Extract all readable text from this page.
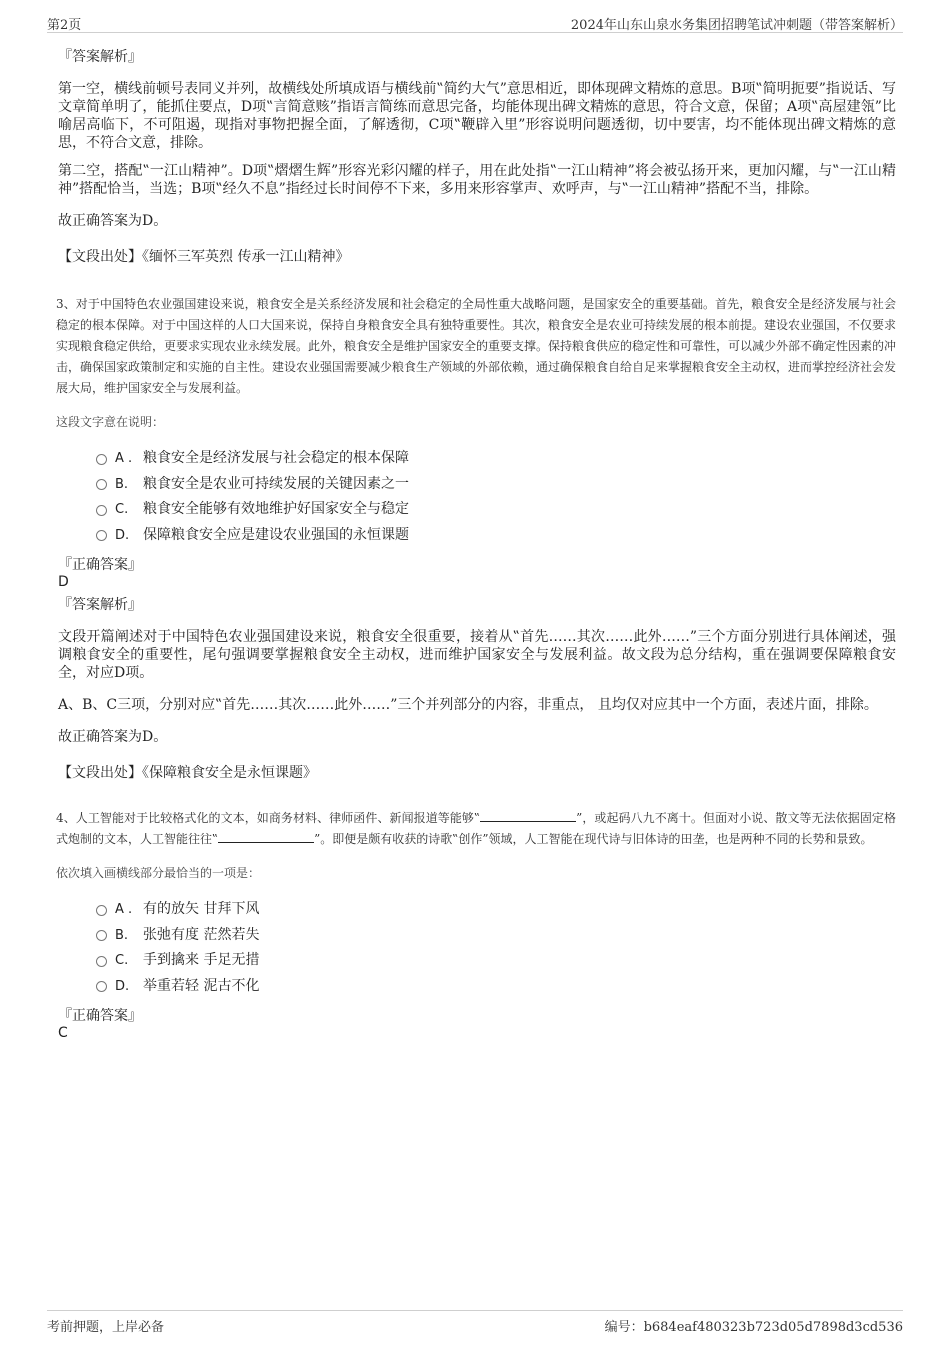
第2页	2024年山东山泉水务集团招聘笔试冲刺题（带答案解析）
『答案解析』
第一空，横线前顿号表同义并列，故横线处所填成语与横线前‟简约大气”意思相近，即体现碑文精炼的意思。B项‟简明扼要”指说话、写文章简单明了，能抓住要点，D项‟言简意赅”指语言简练而意思完备，均能体现出碑文精炼的意思，符合文意，保留；A项‟高屋建瓴”比喻居高临下，不可阻遏，现指对事物把握全面，了解透彻，C项‟鞭辟入里”形容说明问题透彻，切中要害，均不能体现出碑文精炼的意思，不符合文意，排除。
第二空，搭配‟一江山精神”。D项‟熠熠生辉”形容光彩闪耀的样子，用在此处指‟一江山精神”将会被弘扬开来，更加闪耀，与‟一江山精神”搭配恰当，当选；B项‟经久不息”指经过长时间停不下来，多用来形容掌声、欢呼声，与‟一江山精神”搭配不当，排除。
故正确答案为D。
【文段出处】《缅怀三军英烈 传承一江山精神》
3、对于中国特色农业强国建设来说，粮食安全是关系经济发展和社会稳定的全局性重大战略问题，是国家安全的重要基础。首先，粮食安全是经济发展与社会稳定的根本保障。对于中国这样的人口大国来说，保持自身粮食安全具有独特重要性。其次，粮食安全是农业可持续发展的根本前提。建设农业强国，不仅要求实现粮食稳定供给，更要求实现农业永续发展。此外，粮食安全是维护国家安全的重要支撑。保持粮食供应的稳定性和可靠性，可以减少外部不确定性因素的冲击，确保国家政策制定和实施的自主性。建设农业强国需要减少粮食生产领域的外部依赖，通过确保粮食自给自足来掌握粮食安全主动权，进而掌控经济社会发展大局，维护国家安全与发展利益。
这段文字意在说明：
A . 粮食安全是经济发展与社会稳定的根本保障
B. 粮食安全是农业可持续发展的关键因素之一
C. 粮食安全能够有效地维护好国家安全与稳定
D. 保障粮食安全应是建设农业强国的永恒课题
『正确答案』
D
『答案解析』
文段开篇阐述对于中国特色农业强国建设来说，粮食安全很重要，接着从‟首先……其次……此外……”三个方面分别进行具体阐述，强调粮食安全的重要性，尾句强调要掌握粮食安全主动权，进而维护国家安全与发展利益。故文段为总分结构，重在强调要保障粮食安全，对应D项。
A、B、C三项，分别对应‟首先……其次……此外……”三个并列部分的内容，非重点， 且均仅对应其中一个方面，表述片面，排除。
故正确答案为D。
【文段出处】《保障粮食安全是永恒课题》
4、人工智能对于比较格式化的文本，如商务材料、律师函件、新闻报道等能够‟	”，或起码八九不离十。但面对小说、散文等无法依据固定格式炮制的文本，人工智能往往‟	”。即便是颇有收获的诗歌‟创作”领域，人工智能在现代诗与旧体诗的田垄，也是两种不同的长势和景致。
依次填入画横线部分最恰当的一项是：
A . 有的放矢 甘拜下风
B. 张弛有度 茫然若失
C. 手到擒来 手足无措
D. 举重若轻 泥古不化
『正确答案』
C
考前押题，上岸必备	编号：b684eaf480323b723d05d7898d3cd536
